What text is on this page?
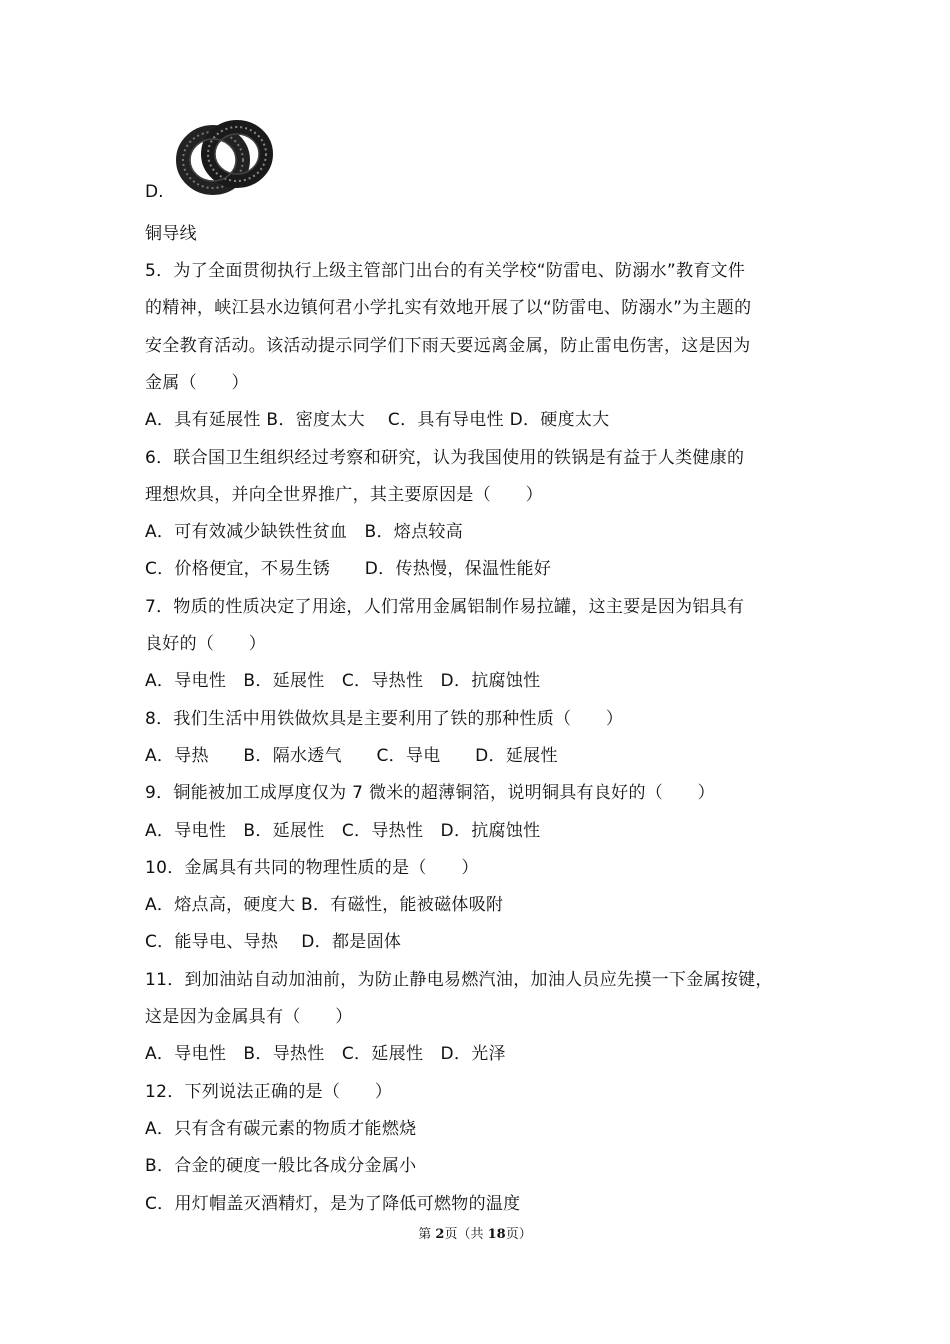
D.
铜导线
5．为了全面贯彻执行上级主管部门出台的有关学校“防雷电、防溺水”教育文件
的精神，峡江县水边镇何君小学扎实有效地开展了以“防雷电、防溺水”为主题的
安全教育活动。该活动提示同学们下雨天要远离金属，防止雷电伤害，这是因为
金属（　　）
A．具有延展性 B．密度太大　 C．具有导电性 D．硬度太大
6．联合国卫生组织经过考察和研究，认为我国使用的铁锅是有益于人类健康的
理想炊具，并向全世界推广，其主要原因是（　　）
A．可有效减少缺铁性贫血　B．熔点较高
C．价格便宜，不易生锈　　D．传热慢，保温性能好
7．物质的性质决定了用途，人们常用金属铝制作易拉罐，这主要是因为铝具有
良好的（　　）
A．导电性　B．延展性　C．导热性　D．抗腐蚀性
8．我们生活中用铁做炊具是主要利用了铁的那种性质（　　）
A．导热　　B．隔水透气　　C．导电　　D．延展性
9．铜能被加工成厚度仅为 7 微米的超薄铜箔，说明铜具有良好的（　　）
A．导电性　B．延展性　C．导热性　D．抗腐蚀性
10．金属具有共同的物理性质的是（　　）
A．熔点高，硬度大 B．有磁性，能被磁体吸附
C．能导电、导热　 D．都是固体
11．到加油站自动加油前，为防止静电易燃汽油，加油人员应先摸一下金属按键，
这是因为金属具有（　　）
A．导电性　B．导热性　C．延展性　D．光泽
12．下列说法正确的是（　　）
A．只有含有碳元素的物质才能燃烧
B．合金的硬度一般比各成分金属小
C．用灯帽盖灭酒精灯，是为了降低可燃物的温度
第 2页（共 18页）
